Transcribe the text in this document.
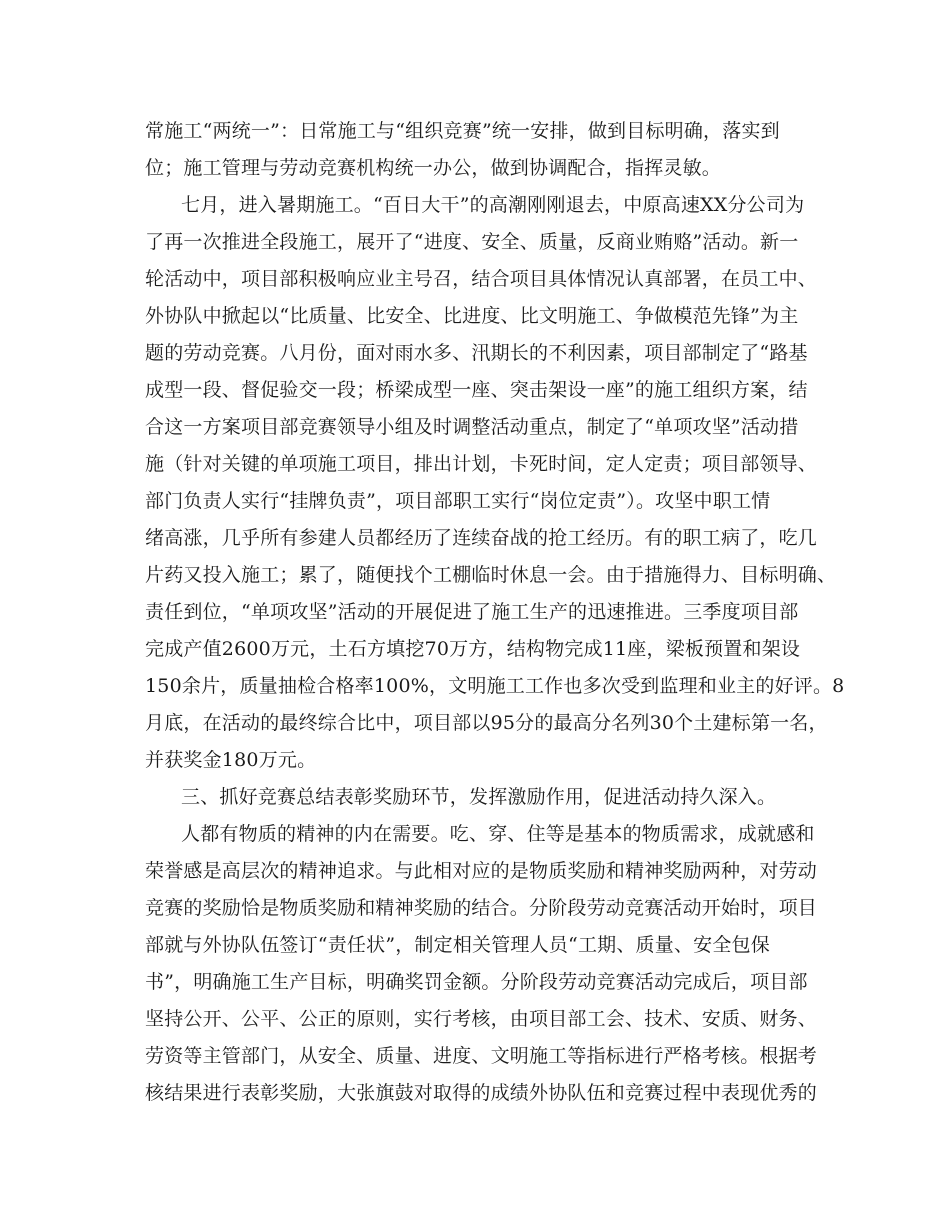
常施工“两统一”：日常施工与“组织竞赛”统一安排，做到目标明确，落实到
位；施工管理与劳动竞赛机构统一办公，做到协调配合，指挥灵敏。
七月，进入暑期施工。“百日大干”的高潮刚刚退去，中原高速XX分公司为
了再一次推进全段施工，展开了“进度、安全、质量，反商业贿赂”活动。新一
轮活动中，项目部积极响应业主号召，结合项目具体情况认真部署，在员工中、
外协队中掀起以“比质量、比安全、比进度、比文明施工、争做模范先锋”为主
题的劳动竞赛。八月份，面对雨水多、汛期长的不利因素，项目部制定了“路基
成型一段、督促验交一段；桥梁成型一座、突击架设一座”的施工组织方案，结
合这一方案项目部竞赛领导小组及时调整活动重点，制定了“单项攻坚”活动措
施（针对关键的单项施工项目，排出计划，卡死时间，定人定责；项目部领导、
部门负责人实行“挂牌负责”，项目部职工实行“岗位定责”）。攻坚中职工情
绪高涨，几乎所有参建人员都经历了连续奋战的抢工经历。有的职工病了，吃几
片药又投入施工；累了，随便找个工棚临时休息一会。由于措施得力、目标明确、
责任到位，“单项攻坚”活动的开展促进了施工生产的迅速推进。三季度项目部
完成产值2600万元，土石方填挖70万方，结构物完成11座，梁板预置和架设
150余片，质量抽检合格率100%，文明施工工作也多次受到监理和业主的好评。8
月底，在活动的最终综合比中，项目部以95分的最高分名列30个土建标第一名，
并获奖金180万元。
三、抓好竞赛总结表彰奖励环节，发挥激励作用，促进活动持久深入。
人都有物质的精神的内在需要。吃、穿、住等是基本的物质需求，成就感和
荣誉感是高层次的精神追求。与此相对应的是物质奖励和精神奖励两种，对劳动
竞赛的奖励恰是物质奖励和精神奖励的结合。分阶段劳动竞赛活动开始时，项目
部就与外协队伍签订“责任状”，制定相关管理人员“工期、质量、安全包保
书”，明确施工生产目标，明确奖罚金额。分阶段劳动竞赛活动完成后，项目部
坚持公开、公平、公正的原则，实行考核，由项目部工会、技术、安质、财务、
劳资等主管部门，从安全、质量、进度、文明施工等指标进行严格考核。根据考
核结果进行表彰奖励，大张旗鼓对取得的成绩外协队伍和竞赛过程中表现优秀的
